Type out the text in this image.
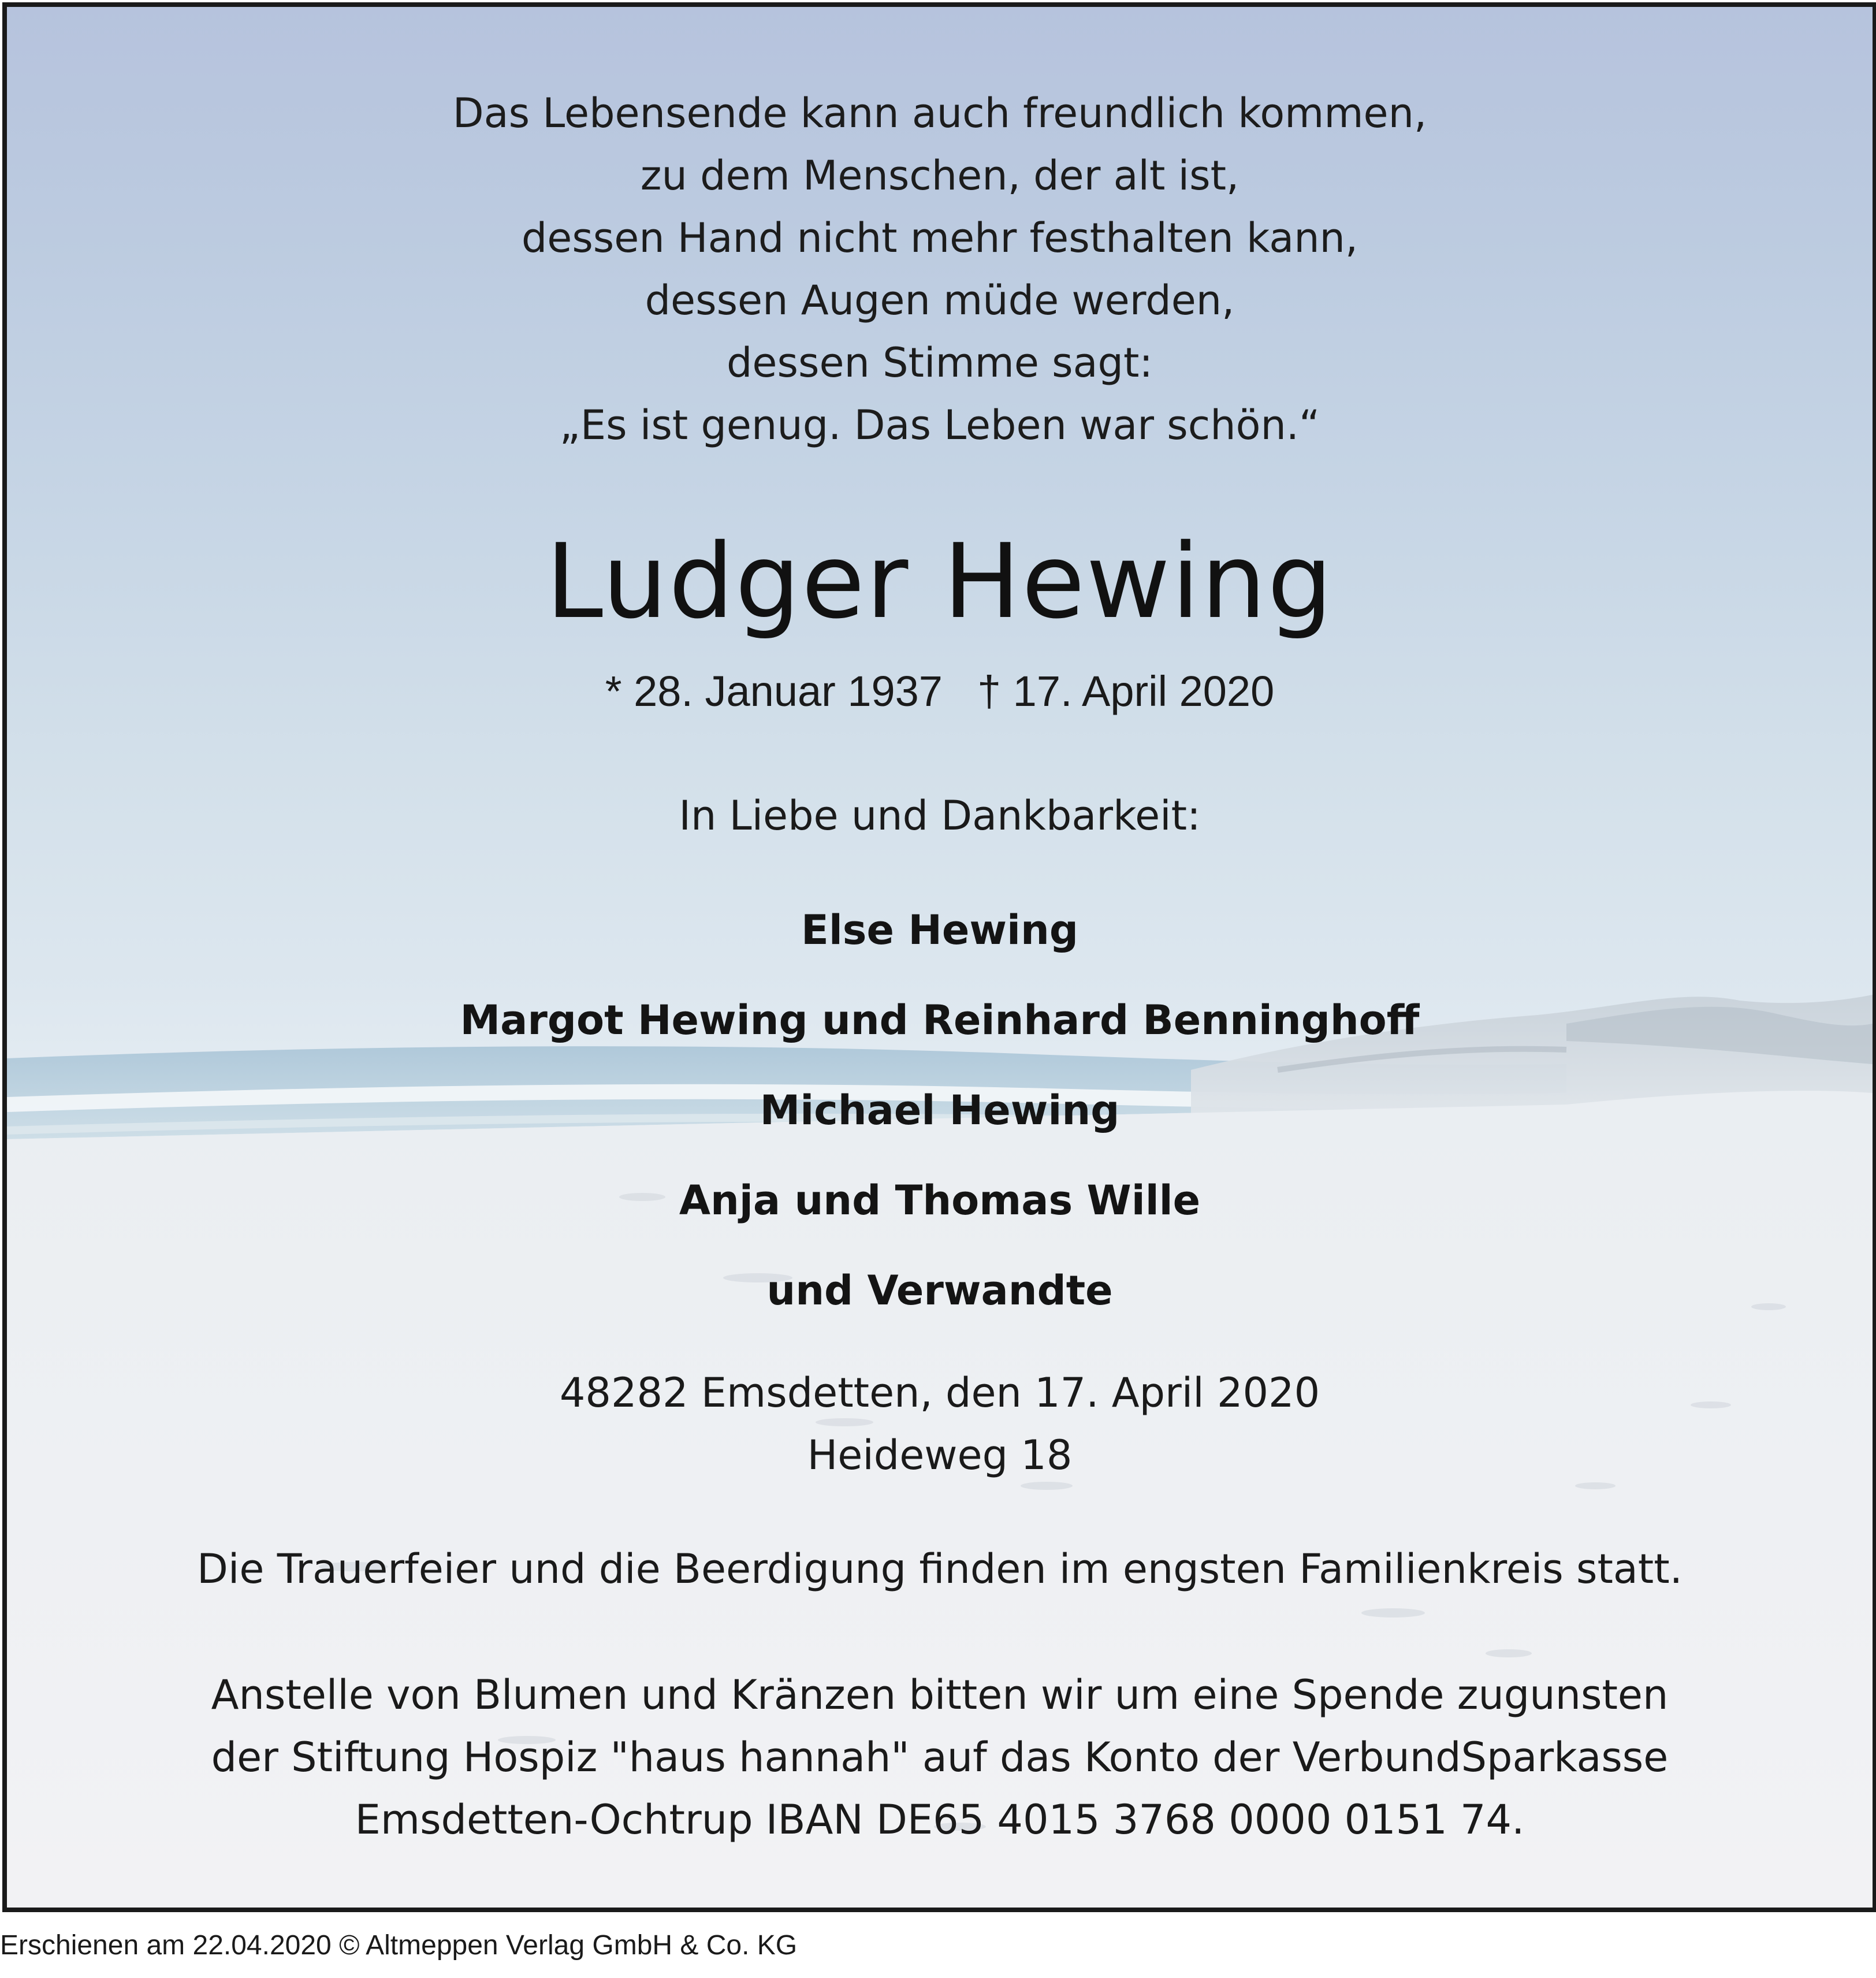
Das Lebensende kann auch freundlich kommen,
zu dem Menschen, der alt ist,
dessen Hand nicht mehr festhalten kann,
dessen Augen müde werden,
dessen Stimme sagt:
„Es ist genug. Das Leben war schön.“
Ludger Hewing
* 28. Januar 1937 † 17. April 2020
In Liebe und Dankbarkeit:
Else Hewing
Margot Hewing und Reinhard Benninghoff
Michael Hewing
Anja und Thomas Wille
und Verwandte
48282 Emsdetten, den 17. April 2020
Heideweg 18
Die Trauerfeier und die Beerdigung finden im engsten Familienkreis statt.
Anstelle von Blumen und Kränzen bitten wir um eine Spende zugunsten
der Stiftung Hospiz "haus hannah" auf das Konto der VerbundSparkasse
Emsdetten-Ochtrup IBAN DE65 4015 3768 0000 0151 74.
Erschienen am 22.04.2020 © Altmeppen Verlag GmbH & Co. KG
